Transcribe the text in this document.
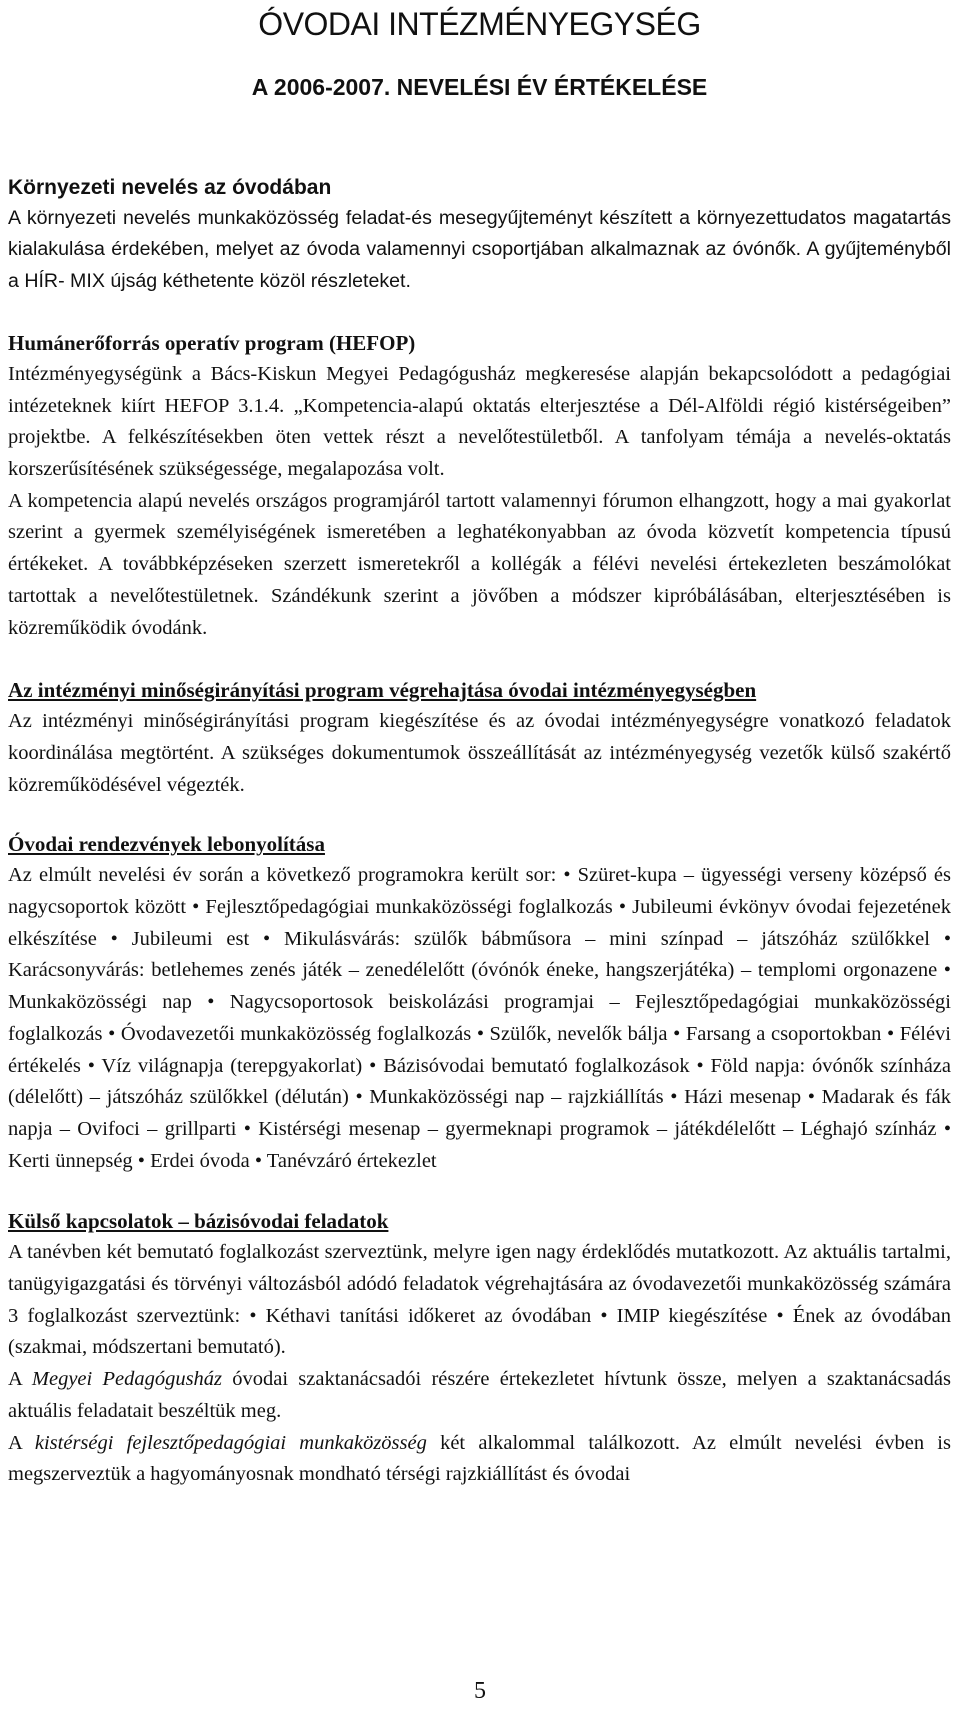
ÓVODAI INTÉZMÉNYEGYSÉG
A 2006-2007. NEVELÉSI ÉV ÉRTÉKELÉSE
Környezeti nevelés az óvodában

A környezeti nevelés munkaközösség feladat-és mesegyűjteményt készített a környezettudatos magatartás kialakulása érdekében, melyet az óvoda valamennyi csoportjában alkalmaznak az óvónők. A gyűjteményből a HÍR- MIX újság kéthetente közöl részleteket.

Humánerőforrás operatív program (HEFOP)

Intézményegységünk a Bács-Kiskun Megyei Pedagógusház megkeresése alapján bekapcsolódott a pedagógiai intézeteknek kiírt HEFOP 3.1.4. „Kompetencia-alapú oktatás elterjesztése a Dél-Alföldi régió kistérségeiben” projektbe. A felkészítésekben öten vettek részt a nevelőtestületből. A tanfolyam témája a nevelés-oktatás korszerűsítésének szükségessége, megalapozása volt.

A kompetencia alapú nevelés országos programjáról tartott valamennyi fórumon elhangzott, hogy a mai gyakorlat szerint a gyermek személyiségének ismeretében a leghatékonyabban az óvoda közvetít kompetencia típusú értékeket. A továbbképzéseken szerzett ismeretekről a kollégák a félévi nevelési értekezleten beszámolókat tartottak a nevelőtestületnek. Szándékunk szerint a jövőben a módszer kipróbálásában, elterjesztésében is közreműködik óvodánk.

Az intézményi minőségirányítási program végrehajtása óvodai intézményegységben

Az intézményi minőségirányítási program kiegészítése és az óvodai intézményegységre vonatkozó feladatok koordinálása megtörtént. A szükséges dokumentumok összeállítását az intézményegység vezetők külső szakértő közreműködésével végezték.

Óvodai rendezvények lebonyolítása

Az elmúlt nevelési év során a következő programokra került sor: • Szüret-kupa – ügyességi verseny középső és nagycsoportok között • Fejlesztőpedagógiai munkaközösségi foglalkozás • Jubileumi évkönyv óvodai fejezetének elkészítése • Jubileumi est • Mikulásvárás: szülők bábműsora – mini színpad – játszóház szülőkkel • Karácsonyvárás: betlehemes zenés játék – zenedélelőtt (óvónók éneke, hangszerjátéka) – templomi orgonazene • Munkaközösségi nap • Nagycsoportosok beiskolázási programjai – Fejlesztőpedagógiai munkaközösségi foglalkozás • Óvodavezetői munkaközösség foglalkozás • Szülők, nevelők bálja • Farsang a csoportokban • Félévi értékelés • Víz világnapja (terepgyakorlat) • Bázisóvodai bemutató foglalkozások • Föld napja: óvónők színháza (délelőtt) – játszóház szülőkkel (délután) • Munkaközösségi nap – rajzkiállítás • Házi mesenap • Madarak és fák napja – Ovifoci – grillparti • Kistérségi mesenap – gyermeknapi programok – játékdélelőtt – Léghajó színház • Kerti ünnepség • Erdei óvoda • Tanévzáró értekezlet

Külső kapcsolatok – bázisóvodai feladatok

A tanévben két bemutató foglalkozást szerveztünk, melyre igen nagy érdeklődés mutatkozott. Az aktuális tartalmi, tanügyigazgatási és törvényi változásból adódó feladatok végrehajtására az óvodavezetői munkaközösség számára 3 foglalkozást szerveztünk: • Kéthavi tanítási időkeret az óvodában • IMIP kiegészítése • Ének az óvodában (szakmai, módszertani bemutató).

A Megyei Pedagógusház óvodai szaktanácsadói részére értekezletet hívtunk össze, melyen a szaktanácsadás aktuális feladatait beszéltük meg.

A kistérségi fejlesztőpedagógiai munkaközösség két alkalommal találkozott. Az elmúlt nevelési évben is megszerveztük a hagyományosnak mondható térségi rajzkiállítást és óvodai

5
